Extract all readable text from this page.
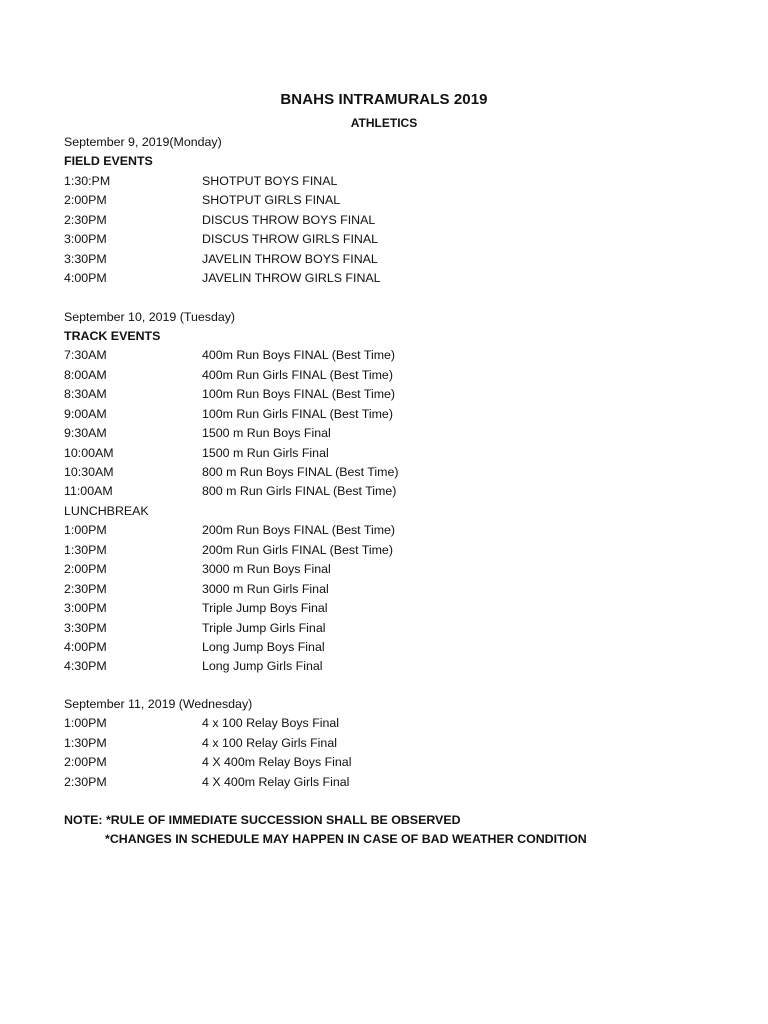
BNAHS INTRAMURALS 2019
ATHLETICS
September 9, 2019(Monday)
FIELD EVENTS
1:30:PM	SHOTPUT BOYS FINAL
2:00PM	SHOTPUT GIRLS FINAL
2:30PM	DISCUS THROW BOYS FINAL
3:00PM	DISCUS THROW GIRLS FINAL
3:30PM	JAVELIN THROW BOYS FINAL
4:00PM	JAVELIN THROW GIRLS FINAL
September 10, 2019 (Tuesday)
TRACK EVENTS
7:30AM	400m Run Boys FINAL (Best Time)
8:00AM	400m Run Girls FINAL (Best Time)
8:30AM	100m Run Boys FINAL (Best Time)
9:00AM	100m Run Girls FINAL (Best Time)
9:30AM	1500 m Run Boys Final
10:00AM	1500 m Run Girls Final
10:30AM	800 m Run Boys FINAL (Best Time)
11:00AM	800 m Run Girls FINAL (Best Time)
LUNCHBREAK
1:00PM	200m Run Boys FINAL (Best Time)
1:30PM	200m Run Girls FINAL (Best Time)
2:00PM	3000 m Run Boys Final
2:30PM	3000 m Run Girls Final
3:00PM	Triple Jump Boys Final
3:30PM	Triple Jump Girls Final
4:00PM	Long Jump Boys Final
4:30PM	Long Jump Girls Final
September 11, 2019 (Wednesday)
1:00PM	4 x 100 Relay Boys Final
1:30PM	4 x 100 Relay Girls Final
2:00PM	4 X 400m Relay Boys Final
2:30PM	4 X 400m Relay Girls Final
NOTE: *RULE OF IMMEDIATE SUCCESSION SHALL BE OBSERVED
*CHANGES IN SCHEDULE MAY HAPPEN IN CASE OF BAD WEATHER CONDITION
